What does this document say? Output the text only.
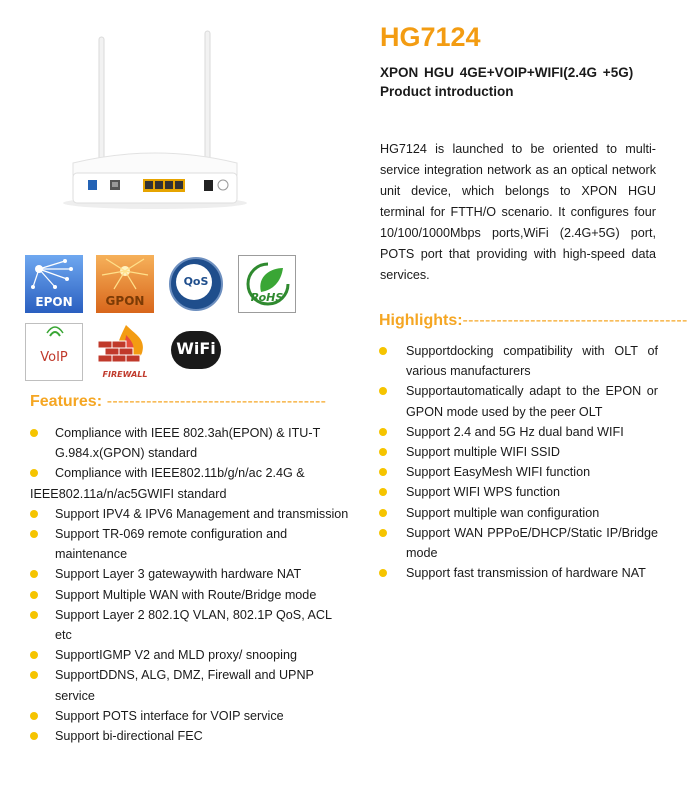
HG7124
XPON HGU 4GE+VOIP+WIFI(2.4G +5G)
Product introduction

HG7124 is launched to be oriented to multi-service integration network as an optical network unit device, which belongs to XPON HGU terminal for FTTH/O scenario. It configures four 10/100/1000Mbps ports,WiFi (2.4G+5G) port, POTS port that providing with high-speed data services.

EPON	GPON
QoS
RoHS
VoIP
FIREWALL
WiFi
Features: ---------------------------------------
Compliance with IEEE 802.3ah(EPON) & ITU-T G.984.x(GPON) standard
Compliance with IEEE802.11b/g/n/ac 2.4G & IEEE802.11a/n/ac5GWIFI standard
Support IPV4 & IPV6 Management and transmission
Support TR-069 remote configuration and maintenance
Support Layer 3 gatewaywith hardware NAT
Support Multiple WAN with Route/Bridge mode
Support Layer 2 802.1Q VLAN, 802.1P QoS, ACL etc
SupportIGMP V2 and MLD proxy/ snooping
SupportDDNS, ALG, DMZ, Firewall and UPNP service
Support POTS interface for VOIP service
Support bi-directional FEC
Highlights:----------------------------------------
Supportdocking compatibility with OLT of various manufacturers
Supportautomatically adapt to the EPON or GPON mode used by the peer OLT
Support 2.4 and 5G Hz dual band WIFI
Support multiple WIFI SSID
Support EasyMesh WIFI function
Support WIFI WPS function
Support multiple wan configuration
Support WAN PPPoE/DHCP/Static IP/Bridge mode
Support fast transmission of hardware NAT
